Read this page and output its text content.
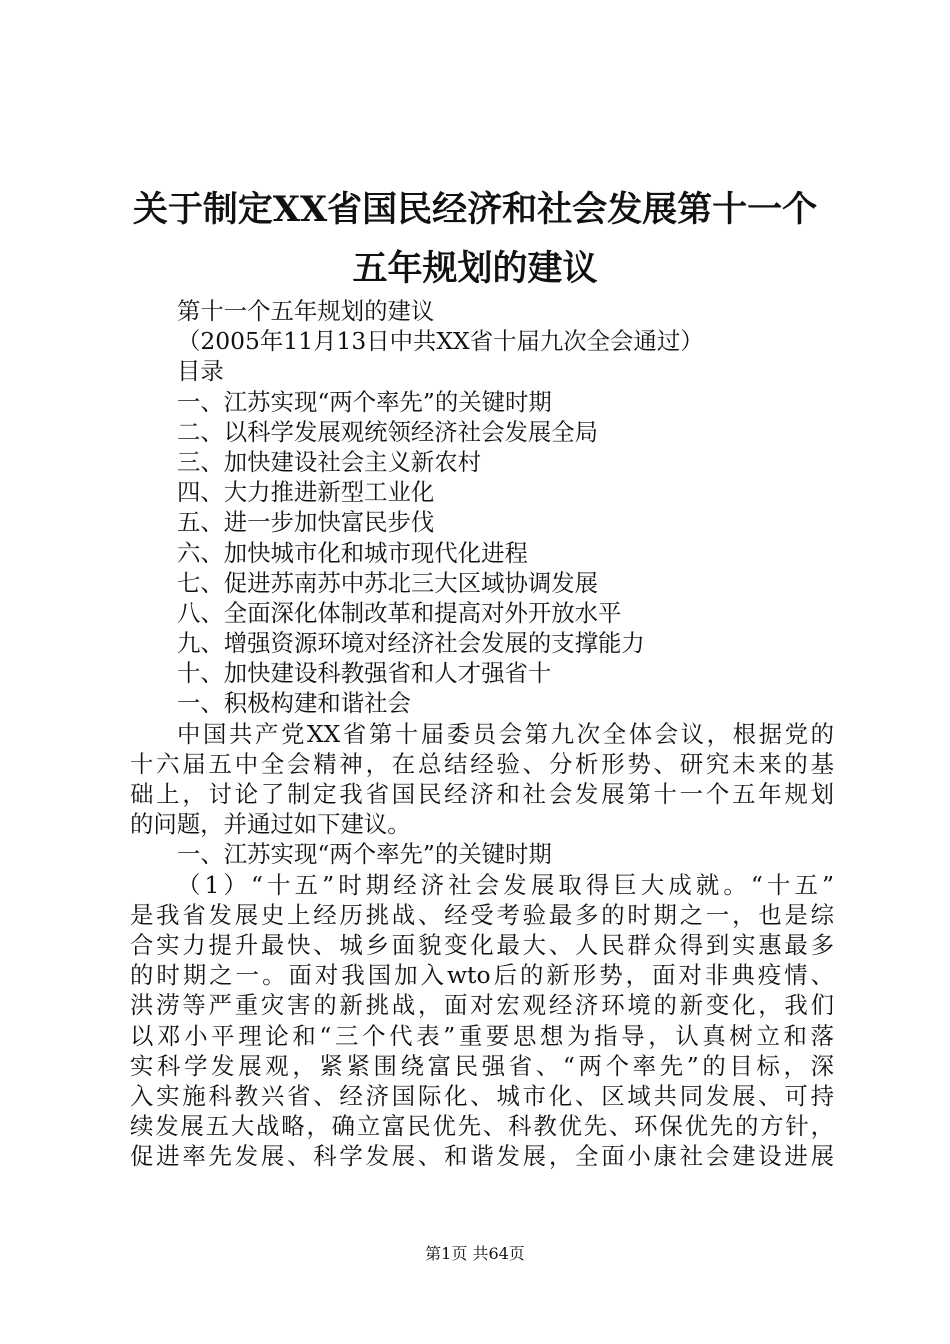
关于制定XX省国民经济和社会发展第十一个
五年规划的建议
第十一个五年规划的建议
（2005年11月13日中共XX省十届九次全会通过）
目录
一、江苏实现“两个率先”的关键时期
二、以科学发展观统领经济社会发展全局
三、加快建设社会主义新农村
四、大力推进新型工业化
五、进一步加快富民步伐
六、加快城市化和城市现代化进程
七、促进苏南苏中苏北三大区域协调发展
八、全面深化体制改革和提高对外开放水平
九、增强资源环境对经济社会发展的支撑能力
十、加快建设科教强省和人才强省十
一、积极构建和谐社会
中国共产党XX省第十届委员会第九次全体会议，根据党的
十六届五中全会精神，在总结经验、分析形势、研究未来的基
础上，讨论了制定我省国民经济和社会发展第十一个五年规划
的问题，并通过如下建议。
一、江苏实现“两个率先”的关键时期
（1）“十五”时期经济社会发展取得巨大成就。“十五”
是我省发展史上经历挑战、经受考验最多的时期之一，也是综
合实力提升最快、城乡面貌变化最大、人民群众得到实惠最多
的时期之一。面对我国加入wto后的新形势，面对非典疫情、
洪涝等严重灾害的新挑战，面对宏观经济环境的新变化，我们
以邓小平理论和“三个代表”重要思想为指导，认真树立和落
实科学发展观，紧紧围绕富民强省、“两个率先”的目标，深
入实施科教兴省、经济国际化、城市化、区域共同发展、可持
续发展五大战略，确立富民优先、科教优先、环保优先的方针，
促进率先发展、科学发展、和谐发展，全面小康社会建设进展
第1页 共64页
